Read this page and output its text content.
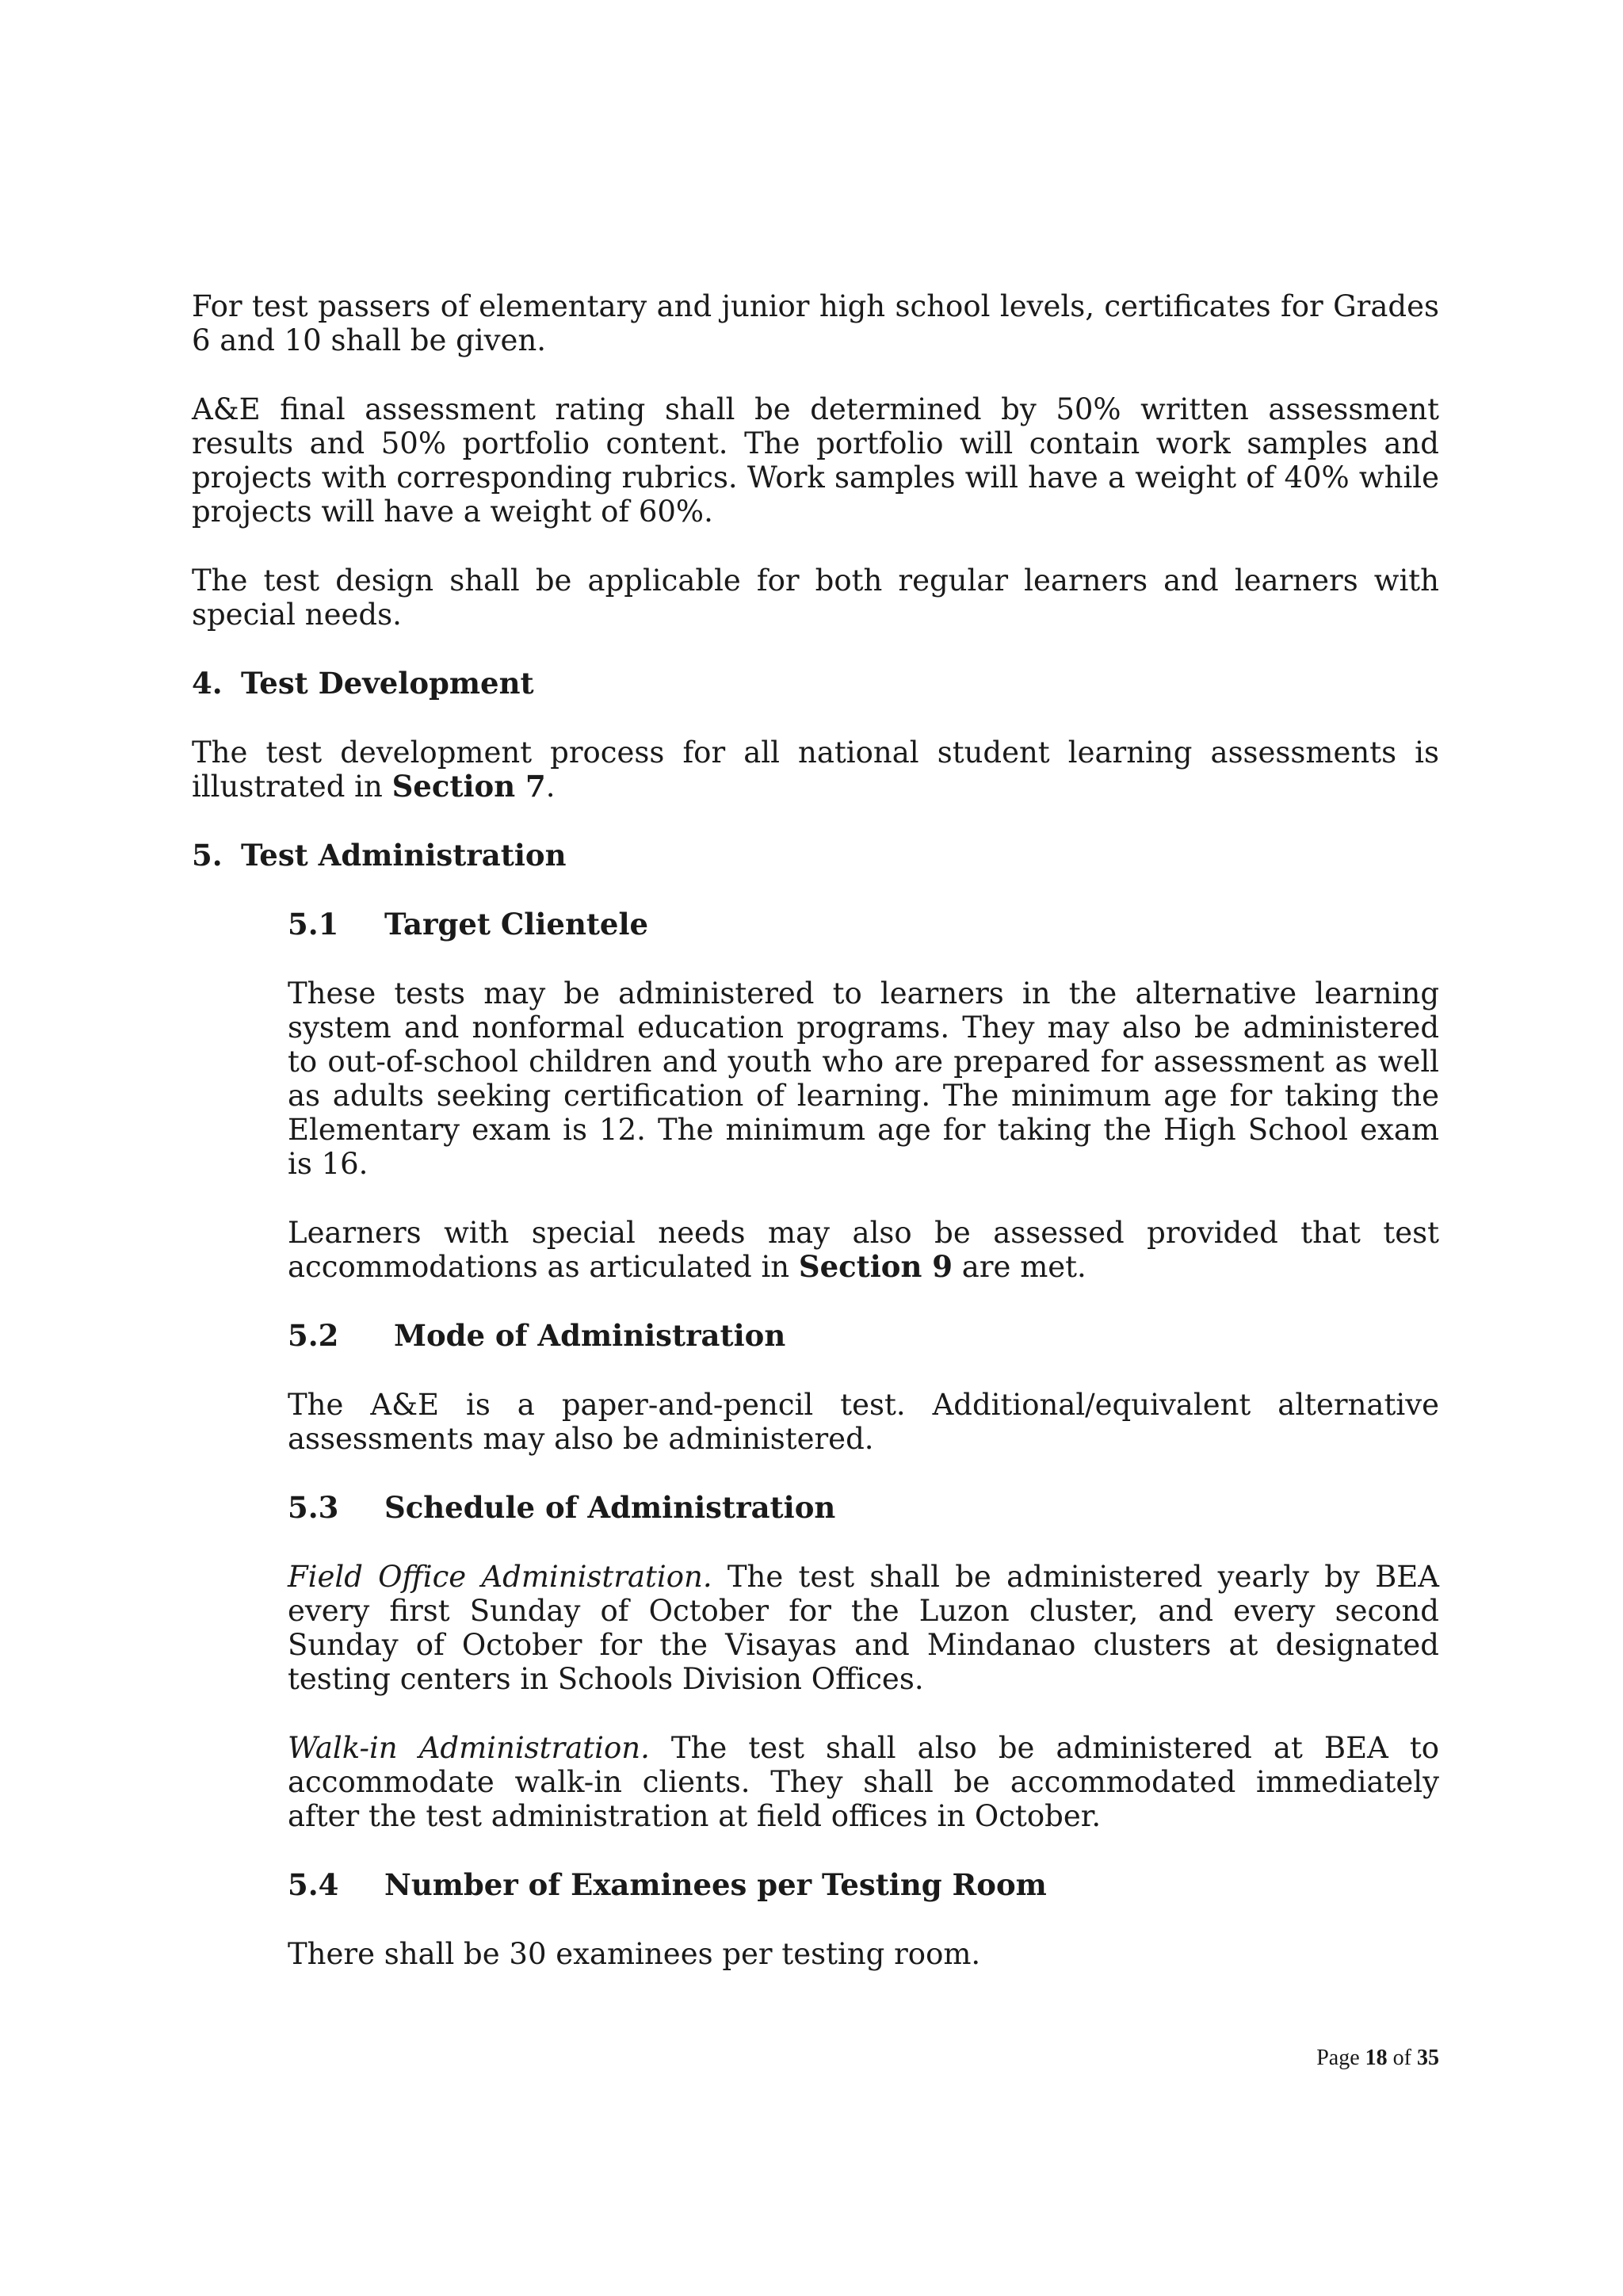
For test passers of elementary and junior high school levels, certificates for Grades 6 and 10 shall be given.

A&E final assessment rating shall be determined by 50% written assessment results and 50% portfolio content. The portfolio will contain work samples and projects with corresponding rubrics. Work samples will have a weight of 40% while projects will have a weight of 60%.

The test design shall be applicable for both regular learners and learners with special needs.

4. Test Development

The test development process for all national student learning assessments is illustrated in Section 7.

5. Test Administration
5.1 Target Clientele

These tests may be administered to learners in the alternative learning system and nonformal education programs. They may also be administered to out-of-school children and youth who are prepared for assessment as well as adults seeking certification of learning. The minimum age for taking the Elementary exam is 12. The minimum age for taking the High School exam is 16.

Learners with special needs may also be assessed provided that test accommodations as articulated in Section 9 are met.

5.2 Mode of Administration

The A&E is a paper-and-pencil test. Additional/equivalent alternative assessments may also be administered.

5.3 Schedule of Administration

Field Office Administration. The test shall be administered yearly by BEA every first Sunday of October for the Luzon cluster, and every second Sunday of October for the Visayas and Mindanao clusters at designated testing centers in Schools Division Offices.

Walk-in Administration. The test shall also be administered at BEA to accommodate walk-in clients. They shall be accommodated immediately after the test administration at field offices in October.

5.4 Number of Examinees per Testing Room

There shall be 30 examinees per testing room.

Page 18 of 35
